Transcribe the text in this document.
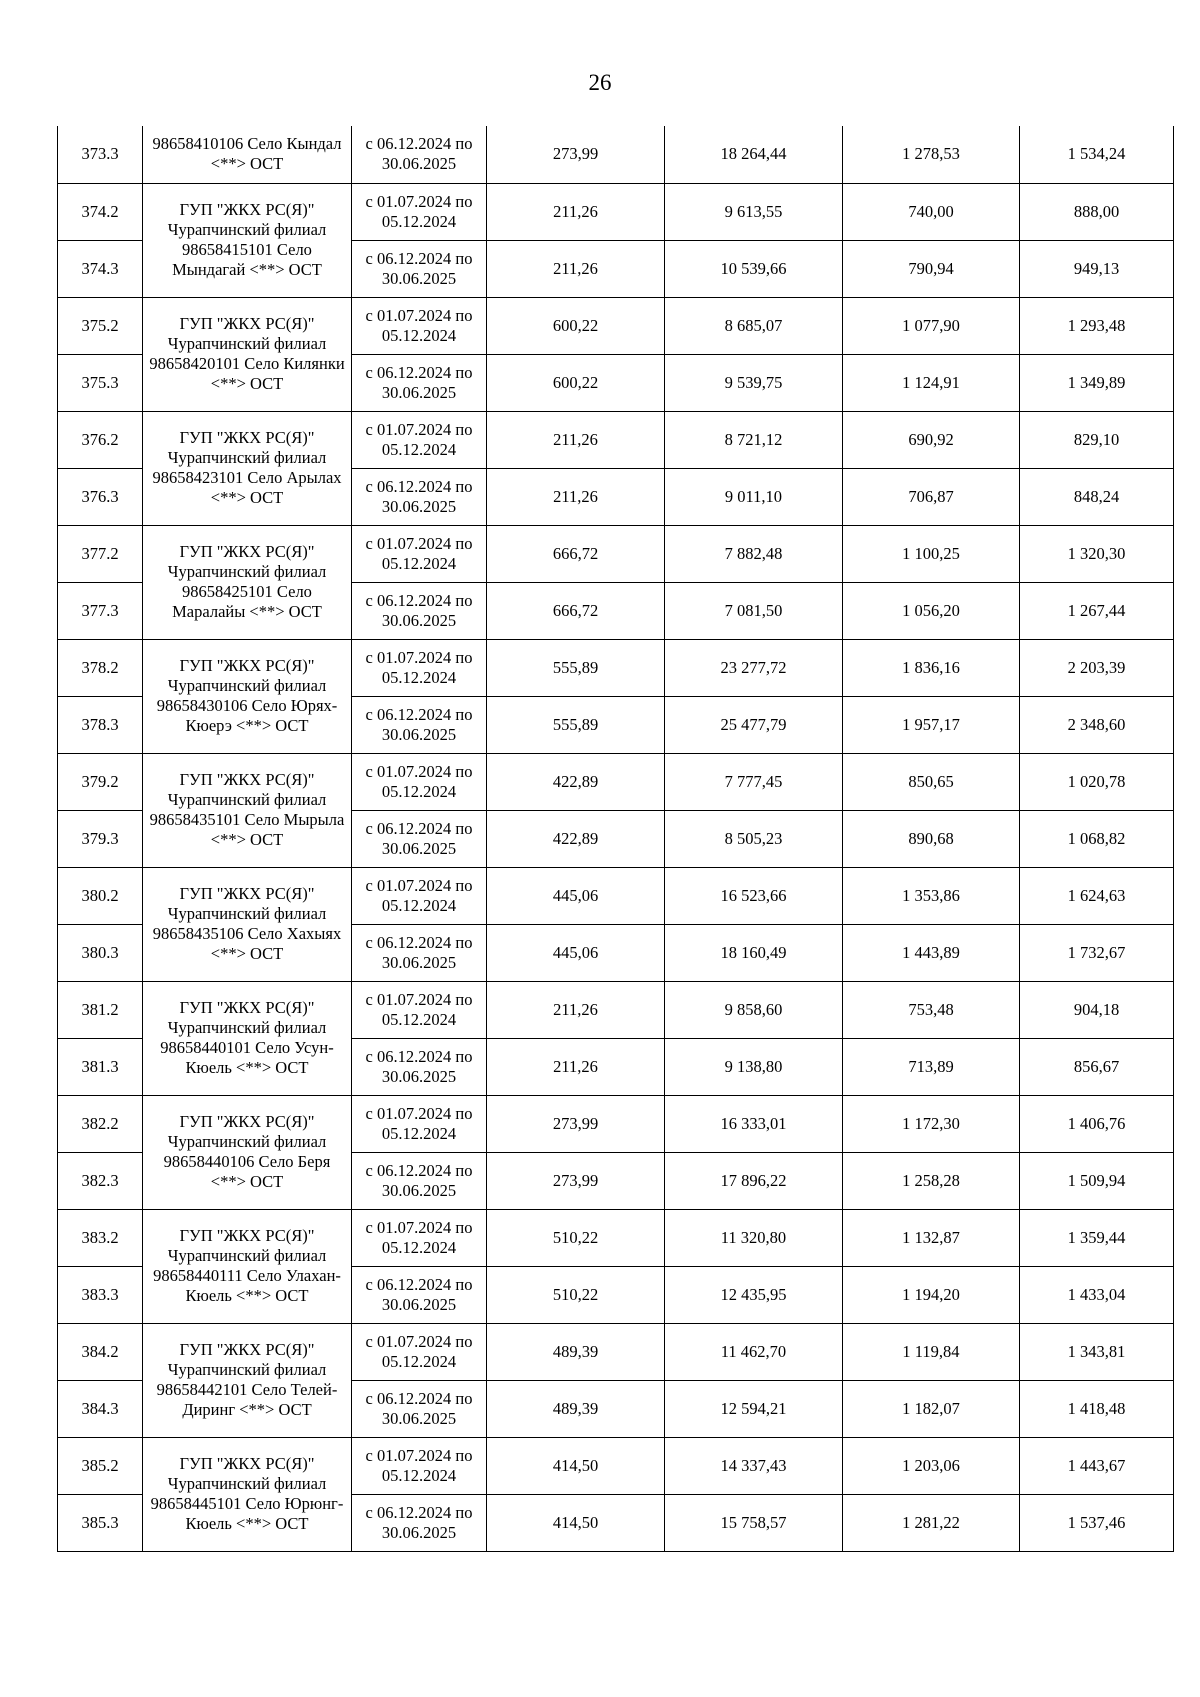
26
373.3	98658410106 Село Кындал <**> ОСТ	с 06.12.2024 по 30.06.2025	273,99	18 264,44	1 278,53	1 534,24
374.2	ГУП "ЖКХ РС(Я)" Чурапчинский филиал 98658415101 Село Мындагай <**> ОСТ	с 01.07.2024 по 05.12.2024	211,26	9 613,55	740,00	888,00
374.3		с 06.12.2024 по 30.06.2025	211,26	10 539,66	790,94	949,13
375.2	ГУП "ЖКХ РС(Я)" Чурапчинский филиал 98658420101 Село Килянки <**> ОСТ	с 01.07.2024 по 05.12.2024	600,22	8 685,07	1 077,90	1 293,48
375.3		с 06.12.2024 по 30.06.2025	600,22	9 539,75	1 124,91	1 349,89
376.2	ГУП "ЖКХ РС(Я)" Чурапчинский филиал 98658423101 Село Арылах <**> ОСТ	с 01.07.2024 по 05.12.2024	211,26	8 721,12	690,92	829,10
376.3		с 06.12.2024 по 30.06.2025	211,26	9 011,10	706,87	848,24
377.2	ГУП "ЖКХ РС(Я)" Чурапчинский филиал 98658425101 Село Маралайы <**> ОСТ	с 01.07.2024 по 05.12.2024	666,72	7 882,48	1 100,25	1 320,30
377.3		с 06.12.2024 по 30.06.2025	666,72	7 081,50	1 056,20	1 267,44
378.2	ГУП "ЖКХ РС(Я)" Чурапчинский филиал 98658430106 Село Юрях-Кюерэ <**> ОСТ	с 01.07.2024 по 05.12.2024	555,89	23 277,72	1 836,16	2 203,39
378.3		с 06.12.2024 по 30.06.2025	555,89	25 477,79	1 957,17	2 348,60
379.2	ГУП "ЖКХ РС(Я)" Чурапчинский филиал 98658435101 Село Мырыла <**> ОСТ	с 01.07.2024 по 05.12.2024	422,89	7 777,45	850,65	1 020,78
379.3		с 06.12.2024 по 30.06.2025	422,89	8 505,23	890,68	1 068,82
380.2	ГУП "ЖКХ РС(Я)" Чурапчинский филиал 98658435106 Село Хахыях <**> ОСТ	с 01.07.2024 по 05.12.2024	445,06	16 523,66	1 353,86	1 624,63
380.3		с 06.12.2024 по 30.06.2025	445,06	18 160,49	1 443,89	1 732,67
381.2	ГУП "ЖКХ РС(Я)" Чурапчинский филиал 98658440101 Село Усун-Кюель <**> ОСТ	с 01.07.2024 по 05.12.2024	211,26	9 858,60	753,48	904,18
381.3		с 06.12.2024 по 30.06.2025	211,26	9 138,80	713,89	856,67
382.2	ГУП "ЖКХ РС(Я)" Чурапчинский филиал 98658440106 Село Беря <**> ОСТ	с 01.07.2024 по 05.12.2024	273,99	16 333,01	1 172,30	1 406,76
382.3		с 06.12.2024 по 30.06.2025	273,99	17 896,22	1 258,28	1 509,94
383.2	ГУП "ЖКХ РС(Я)" Чурапчинский филиал 98658440111 Село Улахан-Кюель <**> ОСТ	с 01.07.2024 по 05.12.2024	510,22	11 320,80	1 132,87	1 359,44
383.3		с 06.12.2024 по 30.06.2025	510,22	12 435,95	1 194,20	1 433,04
384.2	ГУП "ЖКХ РС(Я)" Чурапчинский филиал 98658442101 Село Телей-Диринг <**> ОСТ	с 01.07.2024 по 05.12.2024	489,39	11 462,70	1 119,84	1 343,81
384.3		с 06.12.2024 по 30.06.2025	489,39	12 594,21	1 182,07	1 418,48
385.2	ГУП "ЖКХ РС(Я)" Чурапчинский филиал 98658445101 Село Юрюнг-Кюель <**> ОСТ	с 01.07.2024 по 05.12.2024	414,50	14 337,43	1 203,06	1 443,67
385.3		с 06.12.2024 по 30.06.2025	414,50	15 758,57	1 281,22	1 537,46
